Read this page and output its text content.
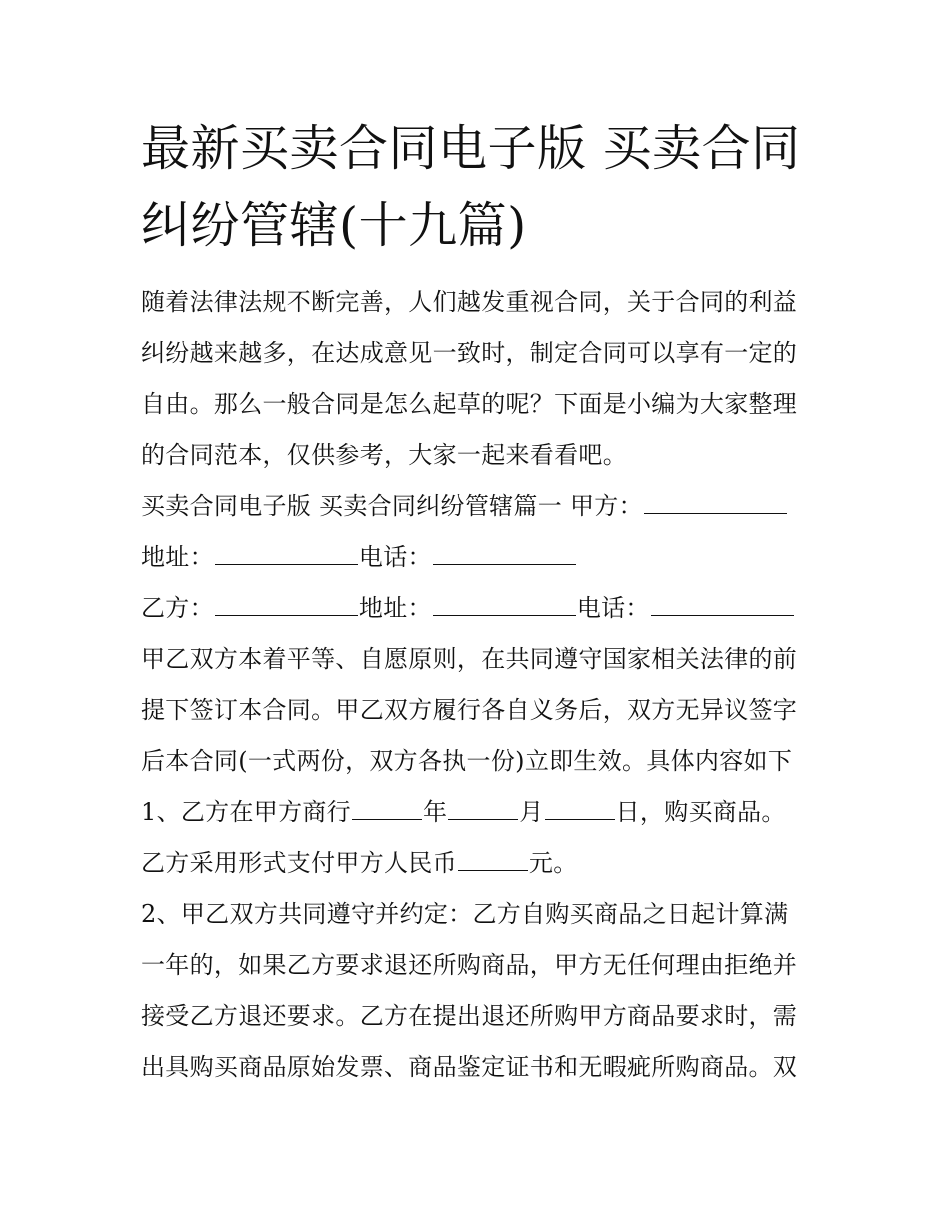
最新买卖合同电子版 买卖合同
纠纷管辖(十九篇)
随着法律法规不断完善，人们越发重视合同，关于合同的利益
纠纷越来越多，在达成意见一致时，制定合同可以享有一定的
自由。那么一般合同是怎么起草的呢？下面是小编为大家整理
的合同范本，仅供参考，大家一起来看看吧。
买卖合同电子版 买卖合同纠纷管辖篇一 甲方：
地址：	电话：
乙方：	地址：	电话：
甲乙双方本着平等、自愿原则，在共同遵守国家相关法律的前
提下签订本合同。甲乙双方履行各自义务后，双方无异议签字
后本合同(一式两份，双方各执一份)立即生效。具体内容如下
1、乙方在甲方商行	年	月	日，购买商品。
乙方采用形式支付甲方人民币	元。
2、甲乙双方共同遵守并约定：乙方自购买商品之日起计算满
一年的，如果乙方要求退还所购商品，甲方无任何理由拒绝并
接受乙方退还要求。乙方在提出退还所购甲方商品要求时，需
出具购买商品原始发票、商品鉴定证书和无暇疵所购商品。双
